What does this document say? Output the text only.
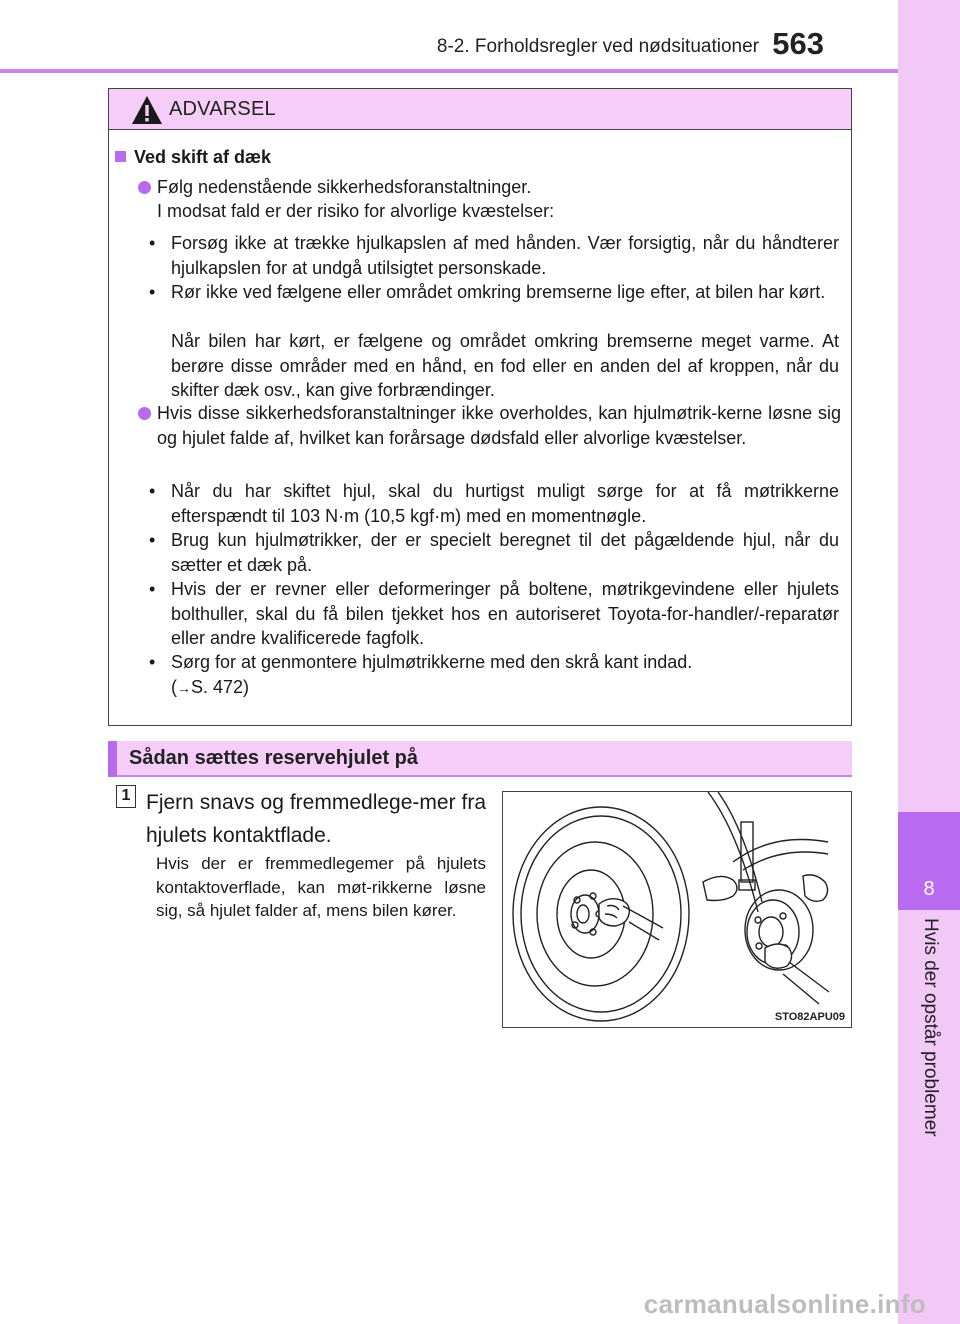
8-2. Forholdsregler ved nødsituationer 563
8
Hvis der opstår problemer
ADVARSEL
Ved skift af dæk
Følg nedenstående sikkerhedsforanstaltninger.
I modsat fald er der risiko for alvorlige kvæstelser:
• Forsøg ikke at trække hjulkapslen af med hånden. Vær forsigtig, når du håndterer hjulkapslen for at undgå utilsigtet personskade.
• Rør ikke ved fælgene eller området omkring bremserne lige efter, at bilen har kørt.
Når bilen har kørt, er fælgene og området omkring bremserne meget varme. At berøre disse områder med en hånd, en fod eller en anden del af kroppen, når du skifter dæk osv., kan give forbrændinger.
Hvis disse sikkerhedsforanstaltninger ikke overholdes, kan hjulmøtrik-kerne løsne sig og hjulet falde af, hvilket kan forårsage dødsfald eller alvorlige kvæstelser.
• Når du har skiftet hjul, skal du hurtigst muligt sørge for at få møtrikkerne efterspændt til 103 N·m (10,5 kgf·m) med en momentnøgle.
• Brug kun hjulmøtrikker, der er specielt beregnet til det pågældende hjul, når du sætter et dæk på.
• Hvis der er revner eller deformeringer på boltene, møtrikgevindene eller hjulets bolthuller, skal du få bilen tjekket hos en autoriseret Toyota-for-handler/-reparatør eller andre kvalificerede fagfolk.
• Sørg for at genmontere hjulmøtrikkerne med den skrå kant indad.
(→S. 472)
Sådan sættes reservehjulet på
1 Fjern snavs og fremmedlege-mer fra hjulets kontaktflade.
Hvis der er fremmedlegemer på hjulets kontaktoverflade, kan møt-rikkerne løsne sig, så hjulet falder af, mens bilen kører.
STO82APU09
carmanualsonline.info
